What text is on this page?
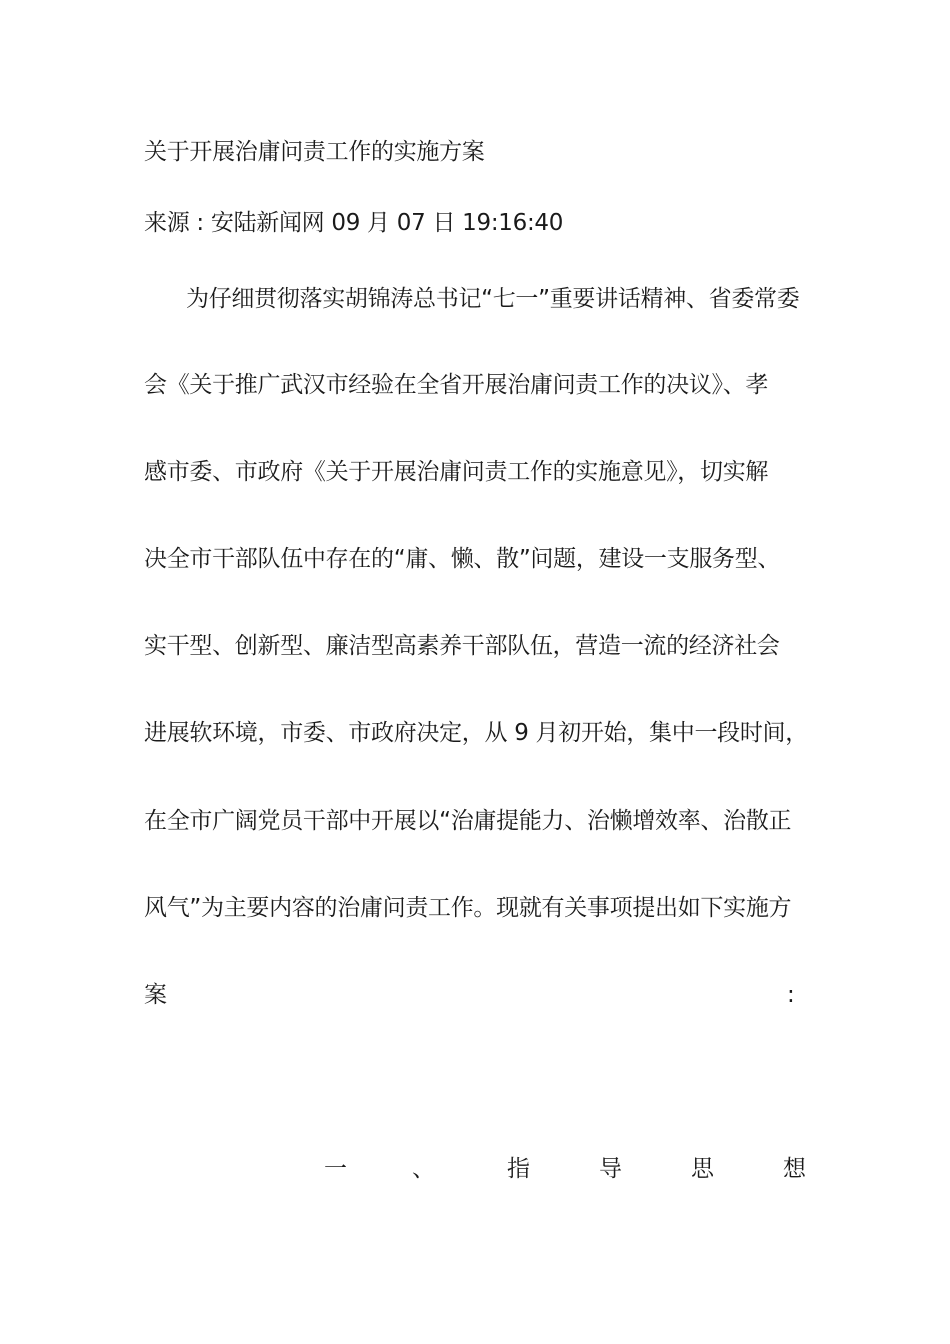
关于开展治庸问责工作的实施方案
来源 : 安陆新闻网 09 月 07 日 19:16:40
为仔细贯彻落实胡锦涛总书记“七一”重要讲话精神、省委常委
会《关于推广武汉市经验在全省开展治庸问责工作的决议》、孝
感市委、市政府《关于开展治庸问责工作的实施意见》，切实解
决全市干部队伍中存在的“庸、懒、散”问题，建设一支服务型、
实干型、创新型、廉洁型高素养干部队伍，营造一流的经济社会
进展软环境，市委、市政府决定，从 9 月初开始，集中一段时间，
在全市广阔党员干部中开展以“治庸提能力、治懒增效率、治散正
风气”为主要内容的治庸问责工作。现就有关事项提出如下实施方
案	:
一	、	指	导	思	想
